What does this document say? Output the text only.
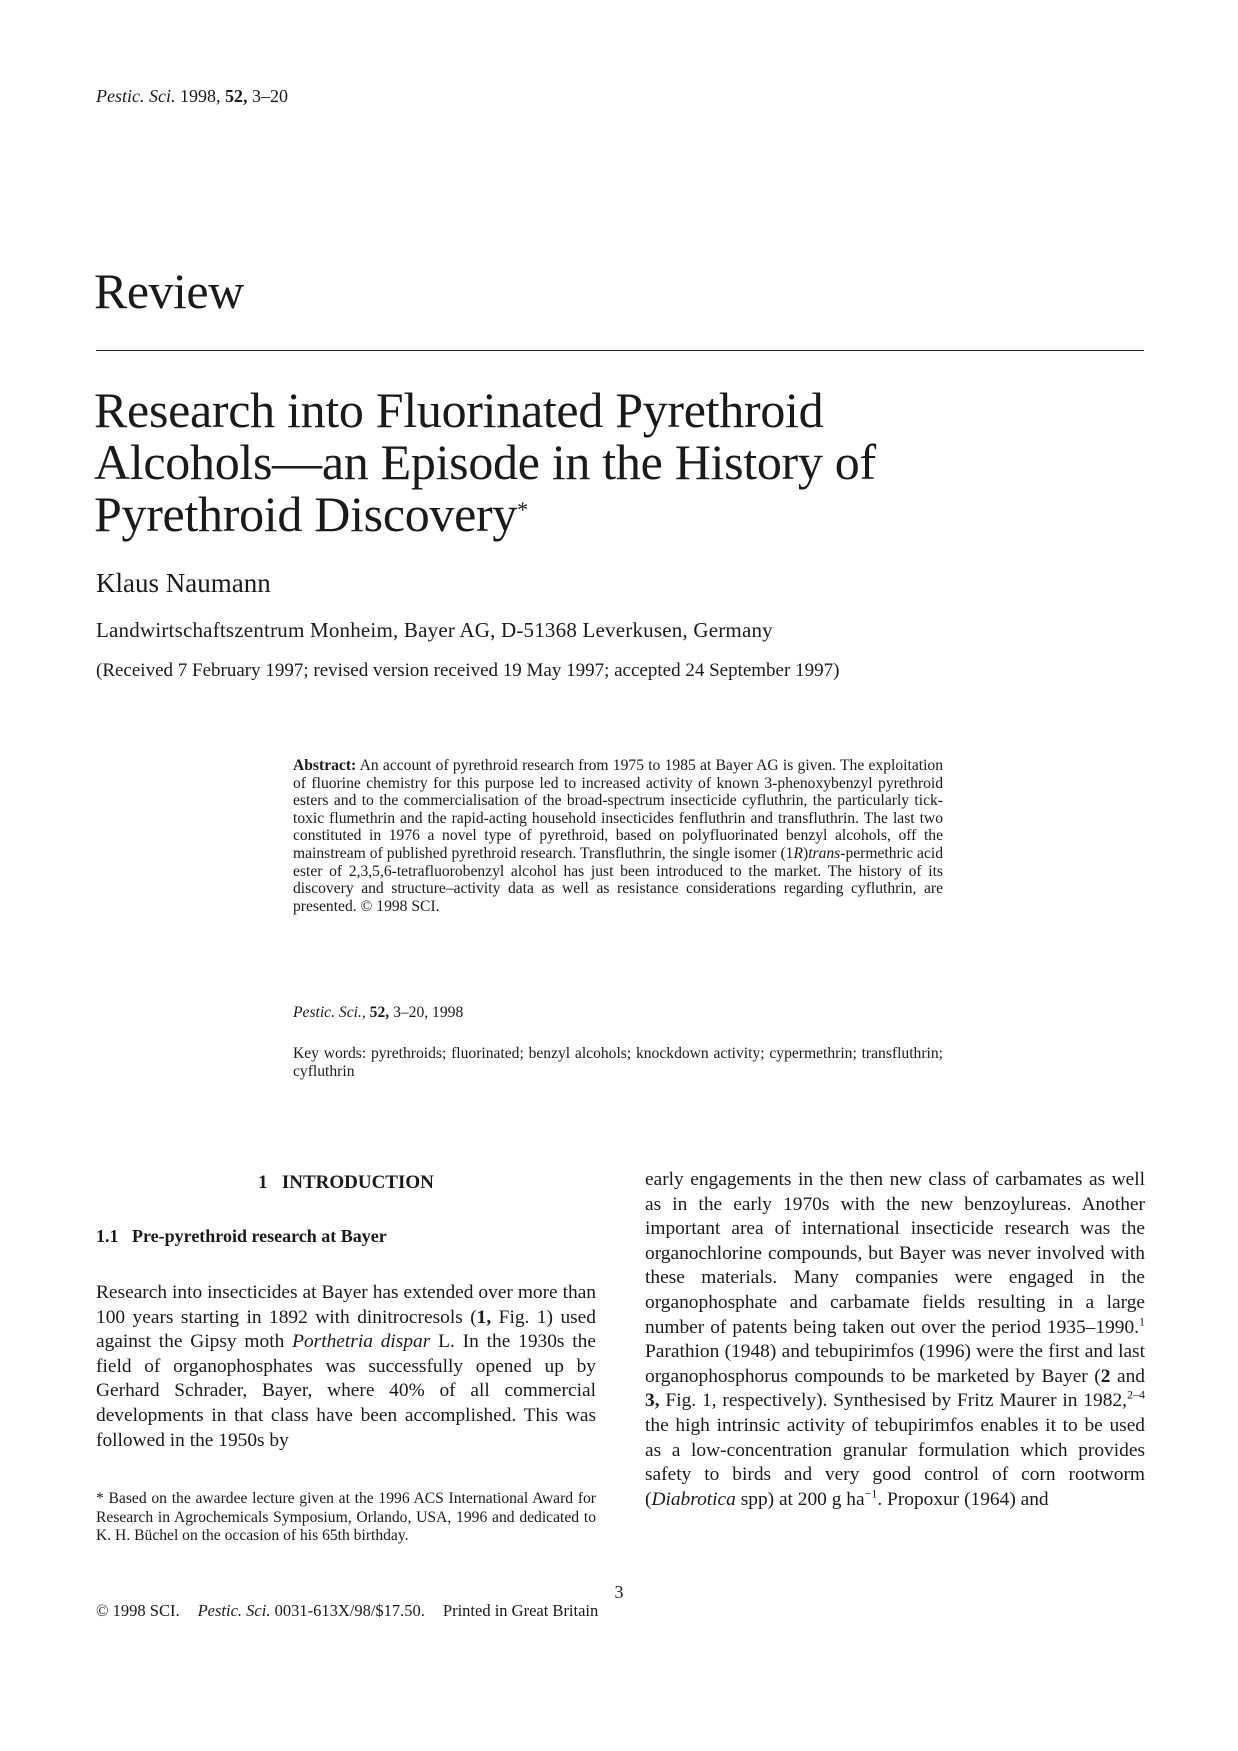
Pestic. Sci. 1998, 52, 3–20
Review
Research into Fluorinated Pyrethroid
Alcohols—an Episode in the History of
Pyrethroid Discovery*
Klaus Naumann
Landwirtschaftszentrum Monheim, Bayer AG, D-51368 Leverkusen, Germany
(Received 7 February 1997; revised version received 19 May 1997; accepted 24 September 1997)
Abstract: An account of pyrethroid research from 1975 to 1985 at Bayer AG is given. The exploitation of fluorine chemistry for this purpose led to increased activity of known 3-phenoxybenzyl pyrethroid esters and to the commercialisation of the broad-spectrum insecticide cyfluthrin, the particularly tick-toxic flumethrin and the rapid-acting household insecticides fenfluthrin and transfluthrin. The last two constituted in 1976 a novel type of pyrethroid, based on polyfluorinated benzyl alcohols, off the mainstream of published pyrethroid research. Transfluthrin, the single isomer (1R)trans-permethric acid ester of 2,3,5,6-tetrafluorobenzyl alcohol has just been introduced to the market. The history of its discovery and structure–activity data as well as resistance considerations regarding cyfluthrin, are presented. © 1998 SCI.
Pestic. Sci., 52, 3–20, 1998
Key words: pyrethroids; fluorinated; benzyl alcohols; knockdown activity; cypermethrin; transfluthrin; cyfluthrin
1   INTRODUCTION
1.1   Pre-pyrethroid research at Bayer
Research into insecticides at Bayer has extended over more than 100 years starting in 1892 with dinitrocresols (1, Fig. 1) used against the Gipsy moth Porthetria dispar L. In the 1930s the field of organophosphates was successfully opened up by Gerhard Schrader, Bayer, where 40% of all commercial developments in that class have been accomplished. This was followed in the 1950s by
* Based on the awardee lecture given at the 1996 ACS International Award for Research in Agrochemicals Symposium, Orlando, USA, 1996 and dedicated to K. H. Büchel on the occasion of his 65th birthday.
early engagements in the then new class of carbamates as well as in the early 1970s with the new benzoylureas. Another important area of international insecticide research was the organochlorine compounds, but Bayer was never involved with these materials. Many companies were engaged in the organophosphate and carbamate fields resulting in a large number of patents being taken out over the period 1935–1990.$^1$ Parathion (1948) and tebupirimfos (1996) were the first and last organophosphorus compounds to be marketed by Bayer (2 and 3, Fig. 1, respectively). Synthesised by Fritz Maurer in 1982,$^{2-4}$ the high intrinsic activity of tebupirimfos enables it to be used as a low-concentration granular formulation which provides safety to birds and very good control of corn rootworm (Diabrotica spp) at 200 g $ha^{-1}$. Propoxur (1964) and
3
© 1998 SCI. Pestic. Sci. 0031-613X/98/$17.50. Printed in Great Britain
